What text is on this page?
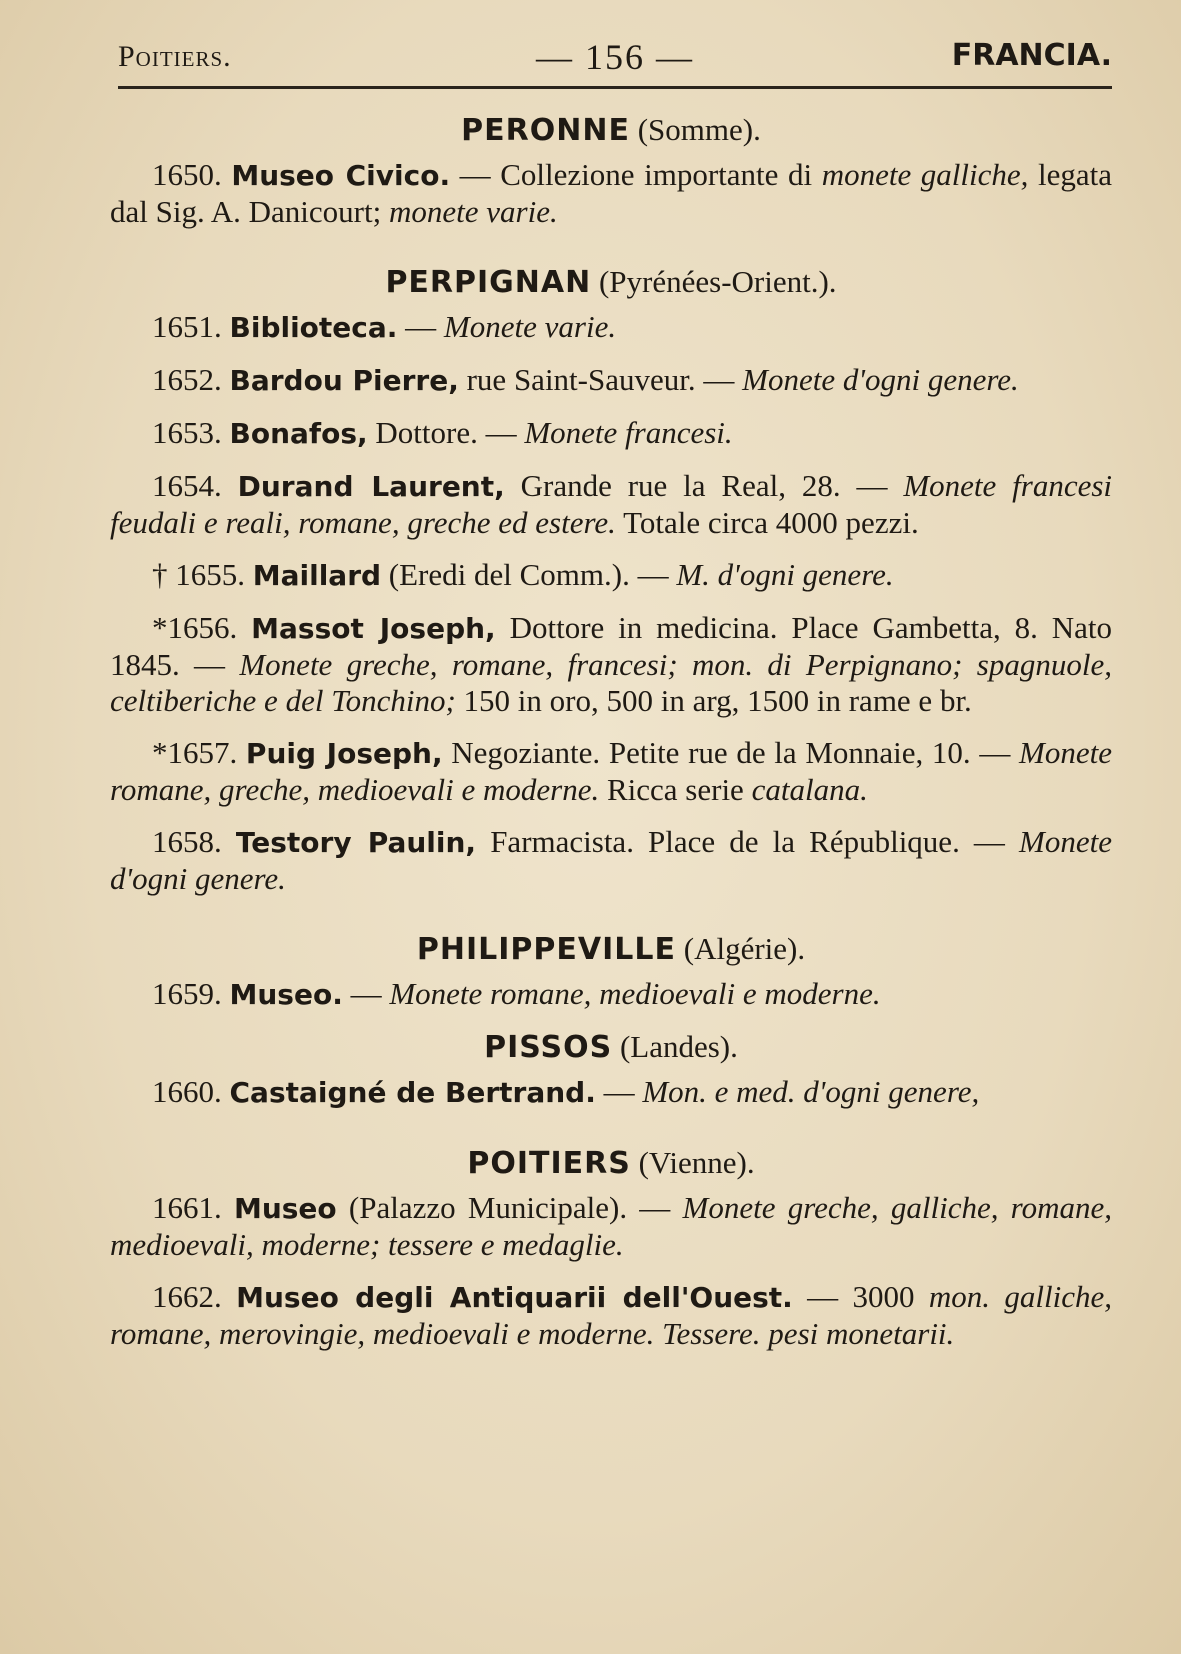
Poitiers.	— 156 —	FRANCIA.
PERONNE (Somme).

1650. Museo Civico. — Collezione importante di monete galliche, legata dal Sig. A. Danicourt; monete varie.

PERPIGNAN (Pyrénées-Orient.).

1651. Biblioteca. — Monete varie.

1652. Bardou Pierre, rue Saint-Sauveur. — Monete d'ogni genere.

1653. Bonafos, Dottore. — Monete francesi.

1654. Durand Laurent, Grande rue la Real, 28. — Monete francesi feudali e reali, romane, greche ed estere. Totale circa 4000 pezzi.

† 1655. Maillard (Eredi del Comm.). — M. d'ogni genere.

*1656. Massot Joseph, Dottore in medicina. Place Gambetta, 8. Nato 1845. — Monete greche, romane, francesi; mon. di Perpignano; spagnuole, celtiberiche e del Tonchino; 150 in oro, 500 in arg, 1500 in rame e br.

*1657. Puig Joseph, Negoziante. Petite rue de la Monnaie, 10. — Monete romane, greche, medioevali e moderne. Ricca serie catalana.

1658. Testory Paulin, Farmacista. Place de la République. — Monete d'ogni genere.

PHILIPPEVILLE (Algérie).

1659. Museo. — Monete romane, medioevali e moderne.

PISSOS (Landes).

1660. Castaigné de Bertrand. — Mon. e med. d'ogni genere,

POITIERS (Vienne).

1661. Museo (Palazzo Municipale). — Monete greche, galliche, romane, medioevali, moderne; tessere e medaglie.

1662. Museo degli Antiquarii dell'Ouest. — 3000 mon. galliche, romane, merovingie, medioevali e moderne. Tessere. pesi monetarii.
